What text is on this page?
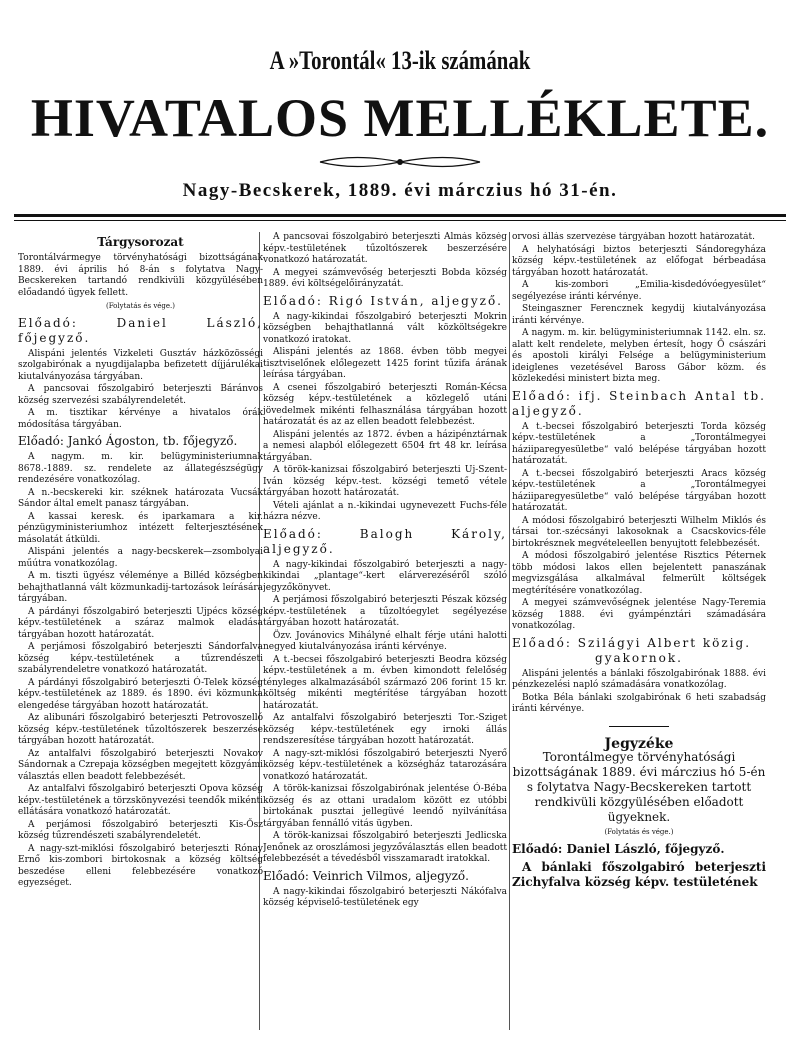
A »Torontál« 13-ik számának
HIVATALOS MELLÉKLETE.
Nagy-Becskerek, 1889. évi márczius hó 31-én.
Tárgysorozat

Torontálvármegye törvényhatósági bizottságának 1889. évi április hó 8-án s folytatva Nagy-Becskereken tartandó rendkivüli közgyülésében előadandó ügyek fellett.

(Folytatás és vége.)
Előadó: Daniel László, főjegyző.

Alispáni jelentés Vizkeleti Gusztáv házközösségi szolgabirónak a nyugdijalapba befizetett díjjárulékai kiutalványozása tárgyában.

A pancsovai főszolgabiró beterjeszti Báránvos község szervezési szabályrendeletét.

A m. tisztikar kérvénye a hivatalos órák módosítása tárgyában.

Előadó: Jankó Ágoston, tb. főjegyző.

A nagym. m. kir. belügyministeriumnak 8678.-1889. sz. rendelete az állategészségügy rendezésére vonatkozólag.

A n.-becskereki kir. széknek határozata Vucsák Sándor által emelt panasz tárgyában.

A kassai keresk. és iparkamara a kir. pénzügyministeriumhoz intézett felterjesztésének másolatát átküldi.

Alispáni jelentés a nagy-becskerek—zsombolyai műútra vonatkozólag.

A m. tiszti ügyész véleménye a Billéd községben behajthatlanná vált közmunkadij-tartozások leírására tárgyában.

A párdányi főszolgabiró beterjeszti Ujpécs község képv.-testületének a száraz malmok eladása tárgyában hozott határozatát.

A perjámosi főszolgabiró beterjeszti Sándorfalva község képv.-testületének a tűzrendészeti szabályrendeletre vonatkozó határozatát.

A párdányi főszolgabiró beterjeszti Ó-Telek község képv.-testületének az 1889. és 1890. évi közmunka elengedése tárgyában hozott határozatát.

Az alibunári főszolgabiró beterjeszti Petrovoszelló község képv.-testületének tűzoltószerek beszerzése tárgyában hozott határozatát.

Az antalfalvi főszolgabiró beterjeszti Novakov Sándornak a Czrepaja községben megejtett közgyámi választás ellen beadott felebbezését.

Az antalfalvi főszolgabiró beterjeszti Opova község képv.-testületének a törzskönyvezési teendők mikénti ellátására vonatkozó határozatát.

A perjámosi főszolgabiró beterjeszti Kis-Ősz község tűzrendészeti szabályrendeletét.

A nagy-szt-miklósi főszolgabiró beterjeszti Rónay Ernő kis-zombori birtokosnak a község költség beszedése elleni felebbezésére vonatkozó egyezséget.

A pancsovai főszolgabiró beterjeszti Almás község képv.-testületének tűzoltószerek beszerzésére vonatkozó határozatát.

A megyei számvevőség beterjeszti Bobda község 1889. évi költségelőirányzatát.

Előadó: Rigó István, aljegyző.

A nagy-kikindai főszolgabiró beterjeszti Mokrin községben behajthatlanná vált közköltségekre vonatkozó iratokat.

Alispáni jelentés az 1868. évben több megyei tisztviselőnek előlegezett 1425 forint tűzifa árának leírása tárgyában.

A csenei főszolgabiró beterjeszti Román-Kécsa község képv.-testületének a közlegelő utáni jövedelmek mikénti felhasználása tárgyában hozott határozatát és az az ellen beadott felebbezést.

Alispáni jelentés az 1872. évben a házipénztárnak a nemesi alapból előlegezett 6504 frt 48 kr. leírása tárgyában.

A török-kanizsai főszolgabiró beterjeszti Uj-Szent-Iván község képv.-test. községi temető vétele tárgyában hozott határozatát.

Vételi ajánlat a n.-kikindai ugynevezett Fuchs-féle házra nézve.

Előadó: Balogh Károly, aljegyző.

A nagy-kikindai főszolgabiró beterjeszti a nagy-kikindai „plantage“-kert elárverezéséről szóló jegyzőkönyvet.

A perjámosi főszolgabiró beterjeszti Pészak község képv.-testületének a tűzoltóegylet segélyezése tárgyában hozott határozatát.

Özv. Jovánovics Mihályné elhalt férje utáni halotti negyed kiutalványozása iránti kérvénye.

A t.-becsei főszolgabiró beterjeszti Beodra község képv.-testületének a m. évben kimondott felelőség tényleges alkalmazásából származó 206 forint 15 kr. költség mikénti megtérítése tárgyában hozott határozatát.

Az antalfalvi főszolgabiró beterjeszti Tor.-Sziget község képv.-testületének egy irnoki állás rendszeresítése tárgyában hozott határozatát.

A nagy-szt-miklósi főszolgabiró beterjeszti Nyerő község képv.-testületének a községház tatarozására vonatkozó határozatát.

A török-kanizsai főszolgabirónak jelentése Ó-Béba község és az ottani uradalom között ez utóbbi birtokának pusztai jellegüvé leendő nyilvánítása tárgyában fennálló vitás ügyben.

A török-kanizsai főszolgabiró beterjeszti Jedlicska Jenőnek az oroszlámosi jegyzőválasztás ellen beadott felebbezését a tévedésből visszamaradt iratokkal.

Előadó: Veinrich Vilmos, aljegyző.

A nagy-kikindai főszolgabiró beterjeszti Nákófalva község képviselő-testületének egy

orvosi állás szervezése tárgyában hozott határozatát.

A helyhatósági biztos beterjeszti Sándoregyháza község képv.-testületének az előfogat bérbeadása tárgyában hozott határozatát.

A kis-zombori „Emilia-kisdedóvóegyesület“ segélyezése iránti kérvénye.

Steingaszner Ferencznek kegydij kiutalványozása iránti kérvénye.

A nagym. m. kir. belügyministeriumnak 1142. eln. sz. alatt kelt rendelete, melyben értesít, hogy Ő császári és apostoli királyi Felsége a belügyministerium ideiglenes vezetésével Baross Gábor közm. és közlekedési ministert bizta meg.

Előadó: ifj. Steinbach Antal tb. aljegyző.

A t.-becsei főszolgabiró beterjeszti Torda község képv.-testületének a „Torontálmegyei háziiparegyesületbe“ való belépése tárgyában hozott határozatát.

A t.-becsei főszolgabiró beterjeszti Aracs község képv.-testületének a „Torontálmegyei háziiparegyesületbe“ való belépése tárgyában hozott határozatát.

A módosi főszolgabiró beterjeszti Wilhelm Miklós és társai tor.-szécsányi lakosoknak a Csacskovics-féle birtokrésznek megvételeellen benyujtott felebbezését.

A módosi főszolgabiró jelentése Risztics Péternek több módosi lakos ellen bejelentett panaszának megvizsgálása alkalmával felmerült költségek megtérítésére vonatkozólag.

A megyei számvevőségnek jelentése Nagy-Teremia község 1888. évi gyámpénztári számadására vonatkozólag.

Előadó: Szilágyi Albert közig.
gyakornok.

Alispáni jelentés a bánlaki főszolgabirónak 1888. évi pénzkezelési napló számadására vonatkozólag.

Botka Béla bánlaki szolgabirónak 6 heti szabadság iránti kérvénye.

Jegyzéke
Torontálmegye törvényhatósági bizottságának 1889. évi márczius hó 5-én s folytatva Nagy-Becskereken tartott rendkivüli közgyülésében előadott ügyeknek.
(Folytatás és vége.)
Előadó: Daniel László, főjegyző.

A bánlaki főszolgabiró beterjeszti Zichyfalva község képv. testületének
